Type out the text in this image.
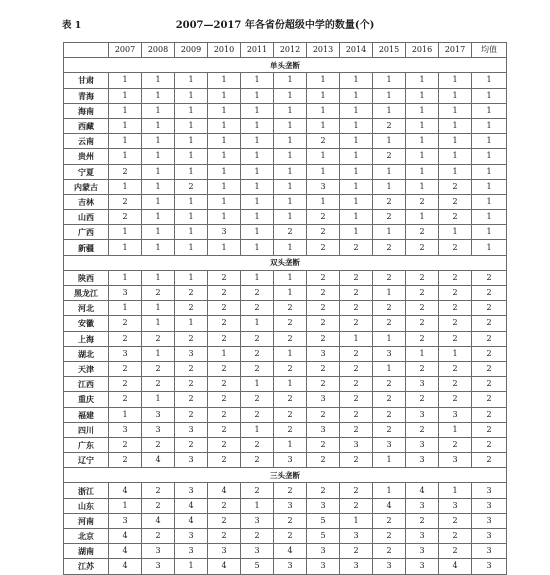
表 1	2007—2017 年各省份超级中学的数量(个)
	2007	2008	2009	2010	2011	2012	2013	2014	2015	2016	2017	均值
单头垄断												
甘肃	1	1	1	1	1	1	1	1	1	1	1	1
青海	1	1	1	1	1	1	1	1	1	1	1	1
海南	1	1	1	1	1	1	1	1	1	1	1	1
西藏	1	1	1	1	1	1	1	1	2	1	1	1
云南	1	1	1	1	1	1	2	1	1	1	1	1
贵州	1	1	1	1	1	1	1	1	2	1	1	1
宁夏	2	1	1	1	1	1	1	1	1	1	1	1
内蒙古	1	1	2	1	1	1	3	1	1	1	2	1
吉林	2	1	1	1	1	1	1	1	2	2	2	1
山西	2	1	1	1	1	1	2	1	2	1	2	1
广西	1	1	1	3	1	2	2	1	1	2	1	1
新疆	1	1	1	1	1	1	2	2	2	2	2	1
双头垄断												
陕西	1	1	1	2	1	1	2	2	2	2	2	2
黑龙江	3	2	2	2	2	1	2	2	1	2	2	2
河北	1	1	2	2	2	2	2	2	2	2	2	2
安徽	2	1	1	2	1	2	2	2	2	2	2	2
上海	2	2	2	2	2	2	2	1	1	2	2	2
湖北	3	1	3	1	2	1	3	2	3	1	1	2
天津	2	2	2	2	2	2	2	2	1	2	2	2
江西	2	2	2	2	1	1	2	2	2	3	2	2
重庆	2	1	2	2	2	2	3	2	2	2	2	2
福建	1	3	2	2	2	2	2	2	2	3	3	2
四川	3	3	3	2	1	2	3	2	2	2	1	2
广东	2	2	2	2	2	1	2	3	3	3	2	2
辽宁	2	4	3	2	2	3	2	2	1	3	3	2
三头垄断												
浙江	4	2	3	4	2	2	2	2	1	4	1	3
山东	1	2	4	2	1	3	3	2	4	3	3	3
河南	3	4	4	2	3	2	5	1	2	2	2	3
北京	4	2	3	2	2	2	5	3	2	3	2	3
湖南	4	3	3	3	3	4	3	2	2	3	2	3
江苏	4	3	1	4	5	3	3	3	3	3	4	3
